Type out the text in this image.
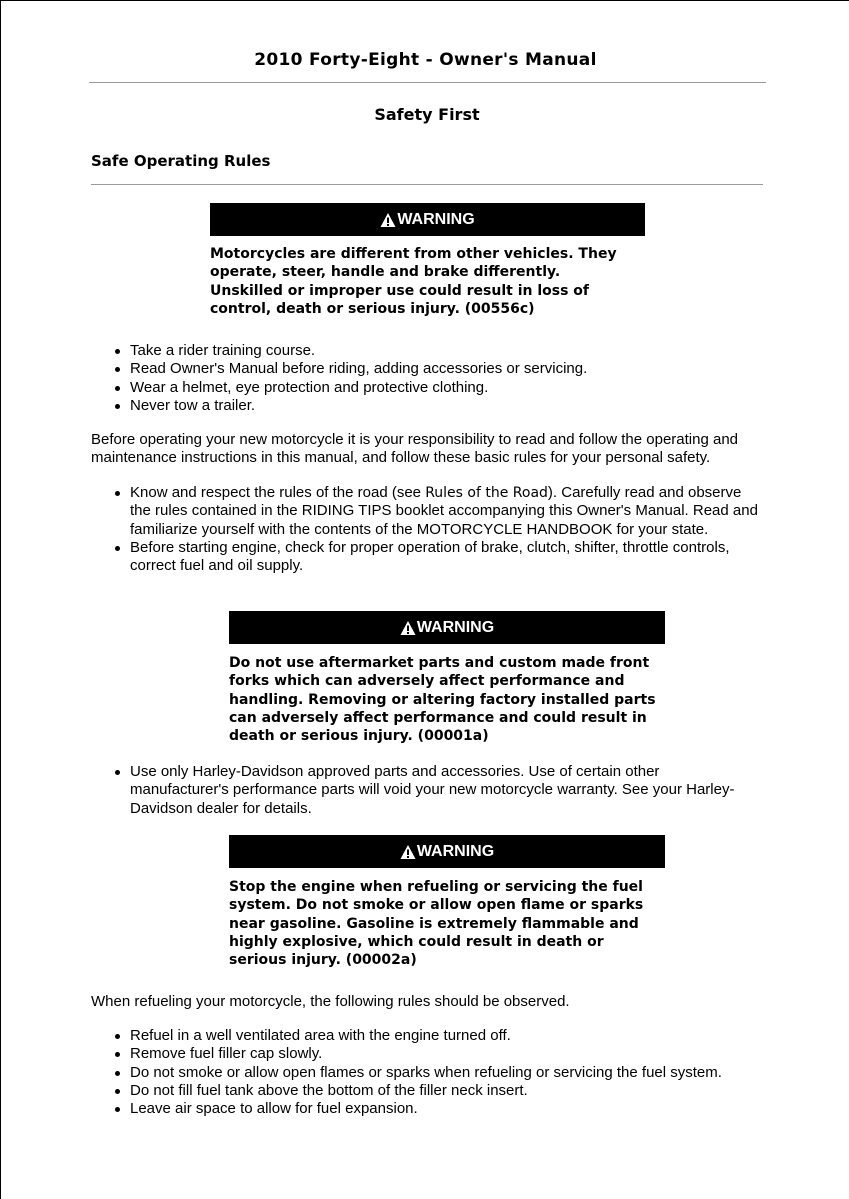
2010 Forty-Eight - Owner's Manual
Safety First
Safe Operating Rules
WARNING
Motorcycles are different from other vehicles. They operate, steer, handle and brake differently. Unskilled or improper use could result in loss of control, death or serious injury. (00556c)
Take a rider training course.
Read Owner's Manual before riding, adding accessories or servicing.
Wear a helmet, eye protection and protective clothing.
Never tow a trailer.
Before operating your new motorcycle it is your responsibility to read and follow the operating and maintenance instructions in this manual, and follow these basic rules for your personal safety.
Know and respect the rules of the road (see Rules of the Road). Carefully read and observe the rules contained in the RIDING TIPS booklet accompanying this Owner's Manual. Read and familiarize yourself with the contents of the MOTORCYCLE HANDBOOK for your state.
Before starting engine, check for proper operation of brake, clutch, shifter, throttle controls, correct fuel and oil supply.
WARNING
Do not use aftermarket parts and custom made front forks which can adversely affect performance and handling. Removing or altering factory installed parts can adversely affect performance and could result in death or serious injury. (00001a)
Use only Harley-Davidson approved parts and accessories. Use of certain other manufacturer's performance parts will void your new motorcycle warranty. See your Harley-Davidson dealer for details.
WARNING
Stop the engine when refueling or servicing the fuel system. Do not smoke or allow open flame or sparks near gasoline. Gasoline is extremely flammable and highly explosive, which could result in death or serious injury. (00002a)
When refueling your motorcycle, the following rules should be observed.
Refuel in a well ventilated area with the engine turned off.
Remove fuel filler cap slowly.
Do not smoke or allow open flames or sparks when refueling or servicing the fuel system.
Do not fill fuel tank above the bottom of the filler neck insert.
Leave air space to allow for fuel expansion.
